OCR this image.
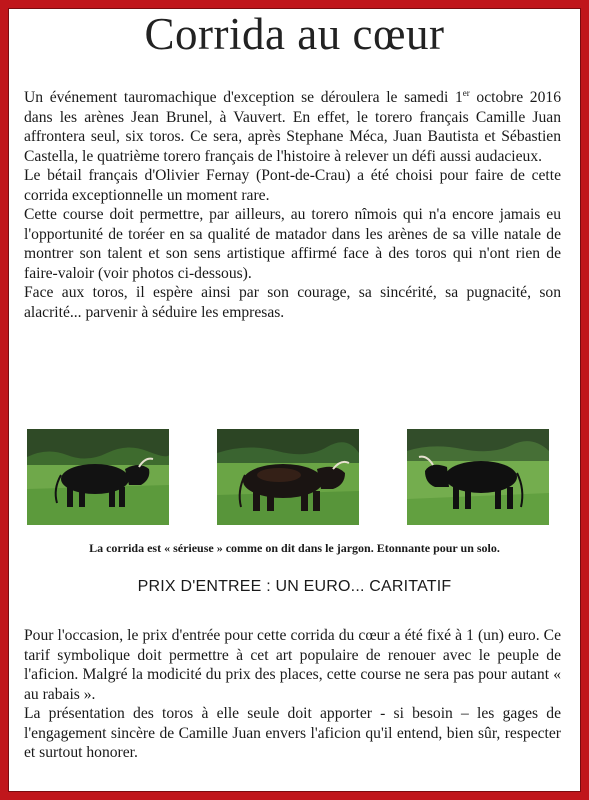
Corrida au cœur

Un événement tauromachique d'exception se déroulera le samedi 1er octobre 2016 dans les arènes Jean Brunel, à Vauvert. En effet, le torero français Camille Juan affrontera seul, six toros. Ce sera, après Stephane Méca, Juan Bautista et Sébastien Castella, le quatrième torero français de l'histoire à relever un défi aussi audacieux.

Le bétail français d'Olivier Fernay (Pont-de-Crau) a été choisi pour faire de cette corrida exceptionnelle un moment rare.

Cette course doit permettre, par ailleurs, au torero nîmois qui n'a encore jamais eu l'opportunité de toréer en sa qualité de matador dans les arènes de sa ville natale de montrer son talent et son sens artistique affirmé face à des toros qui n'ont rien de faire-valoir (voir photos ci-dessous).

Face aux toros, il espère ainsi par son courage, sa sincérité, sa pugnacité, son alacrité... parvenir à séduire les empresas.

La corrida est « sérieuse » comme on dit dans le jargon. Etonnante pour un solo.
PRIX D'ENTREE : UN EURO... CARITATIF

Pour l'occasion, le prix d'entrée pour cette corrida du cœur a été fixé à 1 (un) euro. Ce tarif symbolique doit permettre à cet art populaire de renouer avec le peuple de l'aficion. Malgré la modicité du prix des places, cette course ne sera pas pour autant « au rabais ».

La présentation des toros à elle seule doit apporter - si besoin – les gages de l'engagement sincère de Camille Juan envers l'aficion qu'il entend, bien sûr, respecter et surtout honorer.
